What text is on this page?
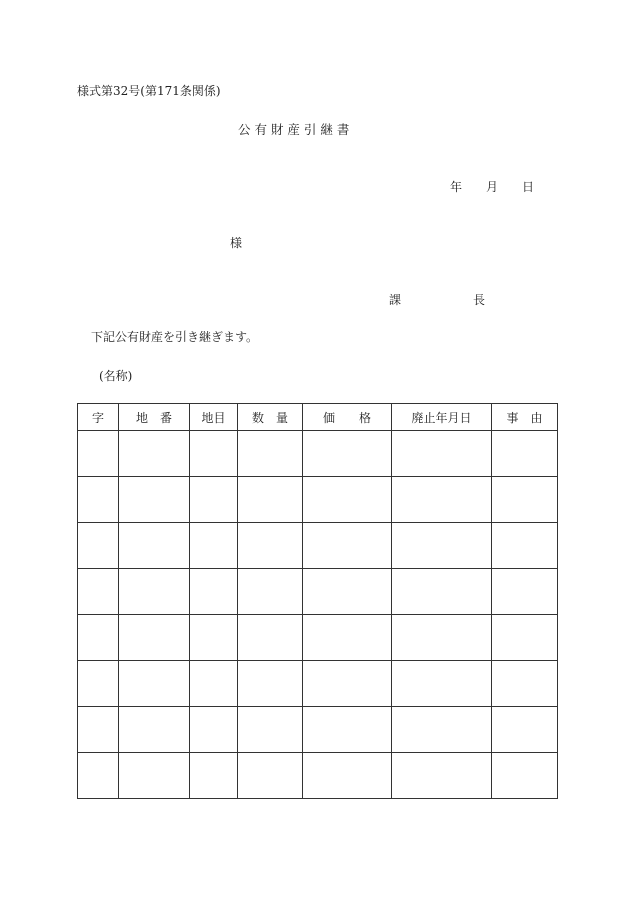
様式第32号(第171条関係)
公 有 財 産 引 継 書
年　　月　　日
様
課　　　　　　長
下記公有財産を引き継ぎます。
(名称)
字	地　番	地目	数　量	価　　格	廃止年月日	事　由
